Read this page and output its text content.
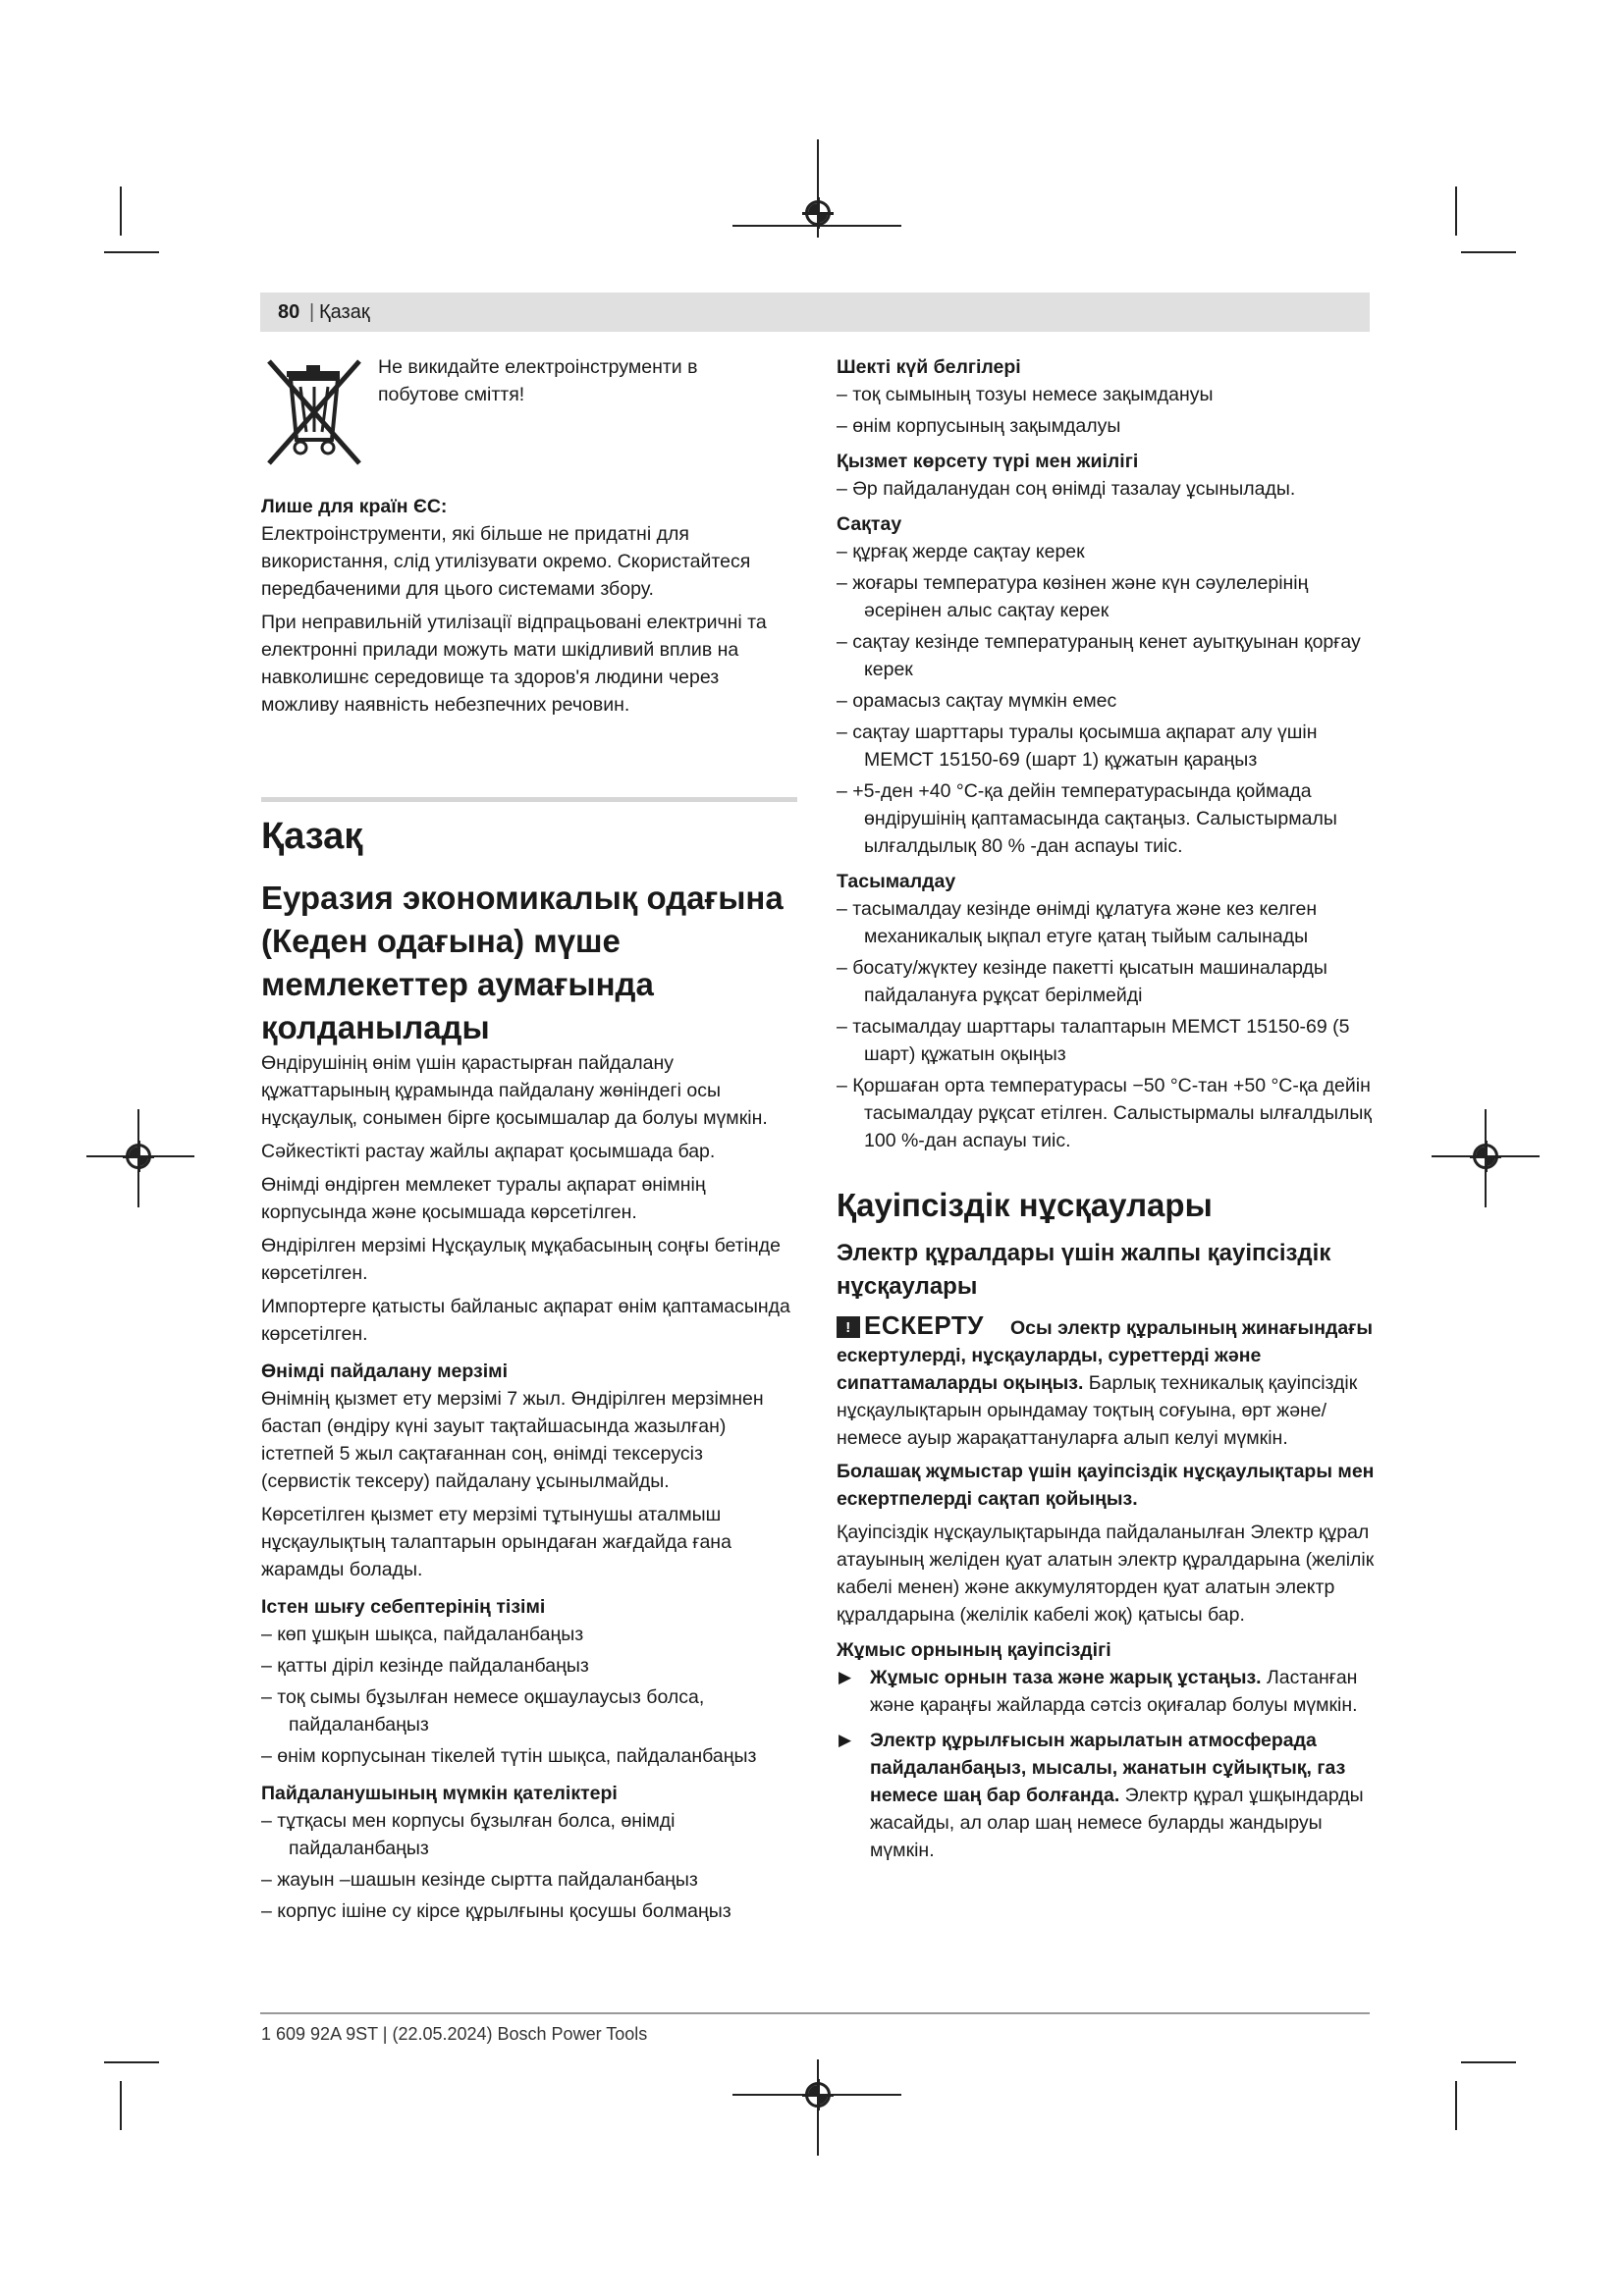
80 | Қазақ
Не викидайте електроінструменти в побутове сміття!

Лише для країн ЄС:

Електроінструменти, які більше не придатні для використання, слід утилізувати окремо. Скористайтеся передбаченими для цього системами збору.

При неправильній утилізації відпрацьовані електричні та електронні прилади можуть мати шкідливий вплив на навколишнє середовище та здоров'я людини через можливу наявність небезпечних речовин.

Қазақ

Еуразия экономикалық одағына (Кеден одағына) мүше мемлекеттер аумағында қолданылады

Өндірушінің өнім үшін қарастырған пайдалану құжаттарының құрамында пайдалану жөніндегі осы нұсқаулық, сонымен бірге қосымшалар да болуы мүмкін.

Сәйкестікті растау жайлы ақпарат қосымшада бар.

Өнімді өндірген мемлекет туралы ақпарат өнімнің корпусында және қосымшада көрсетілген.

Өндірілген мерзімі Нұсқаулық мұқабасының соңғы бетінде көрсетілген.

Импортерге қатысты байланыс ақпарат өнім қаптамасында көрсетілген.

Өнімді пайдалану мерзімі

Өнімнің қызмет ету мерзімі 7 жыл. Өндірілген мерзімнен бастап (өндіру күні зауыт тақтайшасында жазылған) істетпей 5 жыл сақтағаннан соң, өнімді тексерусіз (сервистік тексеру) пайдалану ұсынылмайды.

Көрсетілген қызмет ету мерзімі тұтынушы аталмыш нұсқаулықтың талаптарын орындаған жағдайда ғана жарамды болады.

Істен шығу себептерінің тізімі

– көп ұшқын шықса, пайдаланбаңыз

– қатты діріл кезінде пайдаланбаңыз

– тоқ сымы бұзылған немесе оқшаулаусыз болса, пайдаланбаңыз

– өнім корпусынан тікелей түтін шықса, пайдаланбаңыз

Пайдаланушының мүмкін қателіктері

– тұтқасы мен корпусы бұзылған болса, өнімді пайдаланбаңыз

– жауын –шашын кезінде сыртта пайдаланбаңыз

– корпус ішіне су кірсе құрылғыны қосушы болмаңыз

Шекті күй белгілері

– тоқ сымының тозуы немесе зақымдануы

– өнім корпусының зақымдалуы

Қызмет көрсету түрі мен жиілігі

– Әр пайдаланудан соң өнімді тазалау ұсынылады.

Сақтау

– құрғақ жерде сақтау керек

– жоғары температура көзінен және күн сәулелерінің әсерінен алыс сақтау керек

– сақтау кезінде температураның кенет ауытқуынан қорғау керек

– орамасыз сақтау мүмкін емес

– сақтау шарттары туралы қосымша ақпарат алу үшін МЕМСТ 15150-69 (шарт 1) құжатын қараңыз

– +5-ден +40 °C-қа дейін температурасында қоймада өндірушінің қаптамасында сақтаңыз. Салыстырмалы ылғалдылық 80 % -дан аспауы тиіс.

Тасымалдау

– тасымалдау кезінде өнімді құлатуға және кез келген механикалық ықпал етуге қатаң тыйым салынады

– босату/жүктеу кезінде пакетті қысатын машиналарды пайдалануға рұқсат берілмейді

– тасымалдау шарттары талаптарын МЕМСТ 15150-69 (5 шарт) құжатын оқыңыз

– Қоршаған орта температурасы −50 °C-тан +50 °C-қа дейін тасымалдау рұқсат етілген. Салыстырмалы ылғалдылық 100 %-дан аспауы тиіс.

Қауіпсіздік нұсқаулары

Электр құралдары үшін жалпы қауіпсіздік нұсқаулары

! ЕСКЕРТУ Осы электр құралының жинағындағы ескертулерді, нұсқауларды, суреттерді және сипаттамаларды оқыңыз. Барлық техникалық қауіпсіздік нұсқаулықтарын орындамау тоқтың соғуына, өрт және/немесе ауыр жарақаттануларға алып келуі мүмкін.

Болашақ жұмыстар үшін қауіпсіздік нұсқаулықтары мен ескертпелерді сақтап қойыңыз.

Қауіпсіздік нұсқаулықтарында пайдаланылған Электр құрал атауының желіден қуат алатын электр құралдарына (желілік кабелі менен) және аккумуляторден қуат алатын электр құралдарына (желілік кабелі жоқ) қатысы бар.

Жұмыс орнының қауіпсіздігі

▶ Жұмыс орнын таза және жарық ұстаңыз. Ластанған және қараңғы жайларда сәтсіз оқиғалар болуы мүмкін.

▶ Электр құрылғысын жарылатын атмосферада пайдаланбаңыз, мысалы, жанатын сұйықтық, газ немесе шаң бар болғанда. Электр құрал ұшқындарды жасайды, ал олар шаң немесе буларды жандыруы мүмкін.

1 609 92A 9ST | (22.05.2024) Bosch Power Tools
